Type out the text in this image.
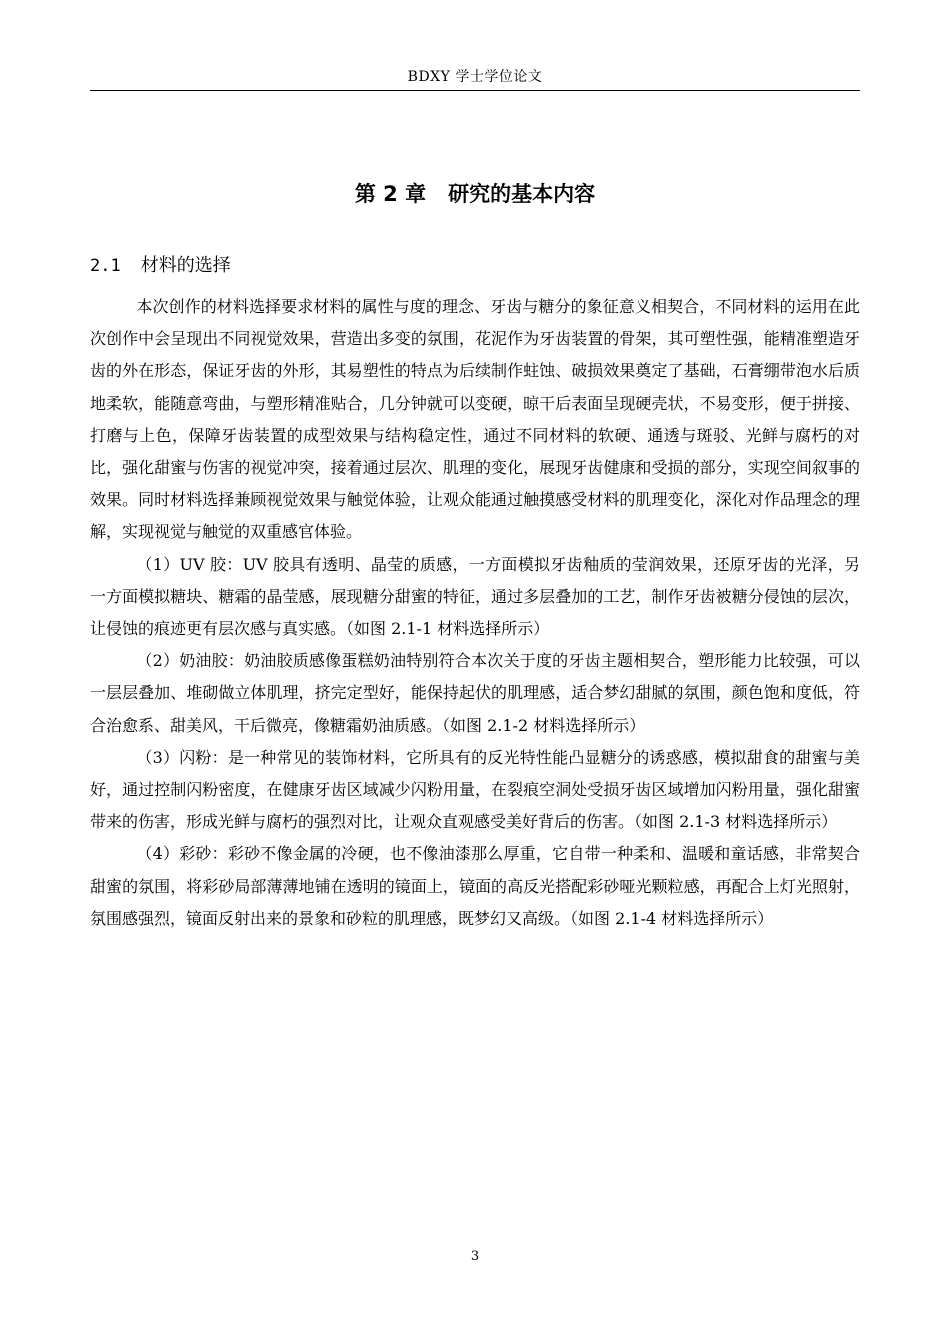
BDXY 学士学位论文
第 2 章 研究的基本内容
2.1 材料的选择

本次创作的材料选择要求材料的属性与度的理念、牙齿与糖分的象征意义相契合，不同材料的运用在此次创作中会呈现出不同视觉效果，营造出多变的氛围，花泥作为牙齿装置的骨架，其可塑性强，能精准塑造牙齿的外在形态，保证牙齿的外形，其易塑性的特点为后续制作蛀蚀、破损效果奠定了基础，石膏绷带泡水后质地柔软，能随意弯曲，与塑形精准贴合，几分钟就可以变硬，晾干后表面呈现硬壳状，不易变形，便于拼接、打磨与上色，保障牙齿装置的成型效果与结构稳定性，通过不同材料的软硬、通透与斑驳、光鲜与腐朽的对比，强化甜蜜与伤害的视觉冲突，接着通过层次、肌理的变化，展现牙齿健康和受损的部分，实现空间叙事的效果。同时材料选择兼顾视觉效果与触觉体验，让观众能通过触摸感受材料的肌理变化，深化对作品理念的理解，实现视觉与触觉的双重感官体验。

（1）UV 胶：UV 胶具有透明、晶莹的质感，一方面模拟牙齿釉质的莹润效果，还原牙齿的光泽，另一方面模拟糖块、糖霜的晶莹感，展现糖分甜蜜的特征，通过多层叠加的工艺，制作牙齿被糖分侵蚀的层次，让侵蚀的痕迹更有层次感与真实感。（如图 2.1-1 材料选择所示）

（2）奶油胶：奶油胶质感像蛋糕奶油特别符合本次关于度的牙齿主题相契合，塑形能力比较强，可以一层层叠加、堆砌做立体肌理，挤完定型好，能保持起伏的肌理感，适合梦幻甜腻的氛围，颜色饱和度低，符合治愈系、甜美风，干后微亮，像糖霜奶油质感。（如图 2.1-2 材料选择所示）

（3）闪粉：是一种常见的装饰材料，它所具有的反光特性能凸显糖分的诱惑感，模拟甜食的甜蜜与美好，通过控制闪粉密度，在健康牙齿区域减少闪粉用量，在裂痕空洞处受损牙齿区域增加闪粉用量，强化甜蜜带来的伤害，形成光鲜与腐朽的强烈对比，让观众直观感受美好背后的伤害。（如图 2.1-3 材料选择所示）

（4）彩砂：彩砂不像金属的冷硬，也不像油漆那么厚重，它自带一种柔和、温暖和童话感，非常契合甜蜜的氛围，将彩砂局部薄薄地铺在透明的镜面上，镜面的高反光搭配彩砂哑光颗粒感，再配合上灯光照射，氛围感强烈，镜面反射出来的景象和砂粒的肌理感，既梦幻又高级。（如图 2.1-4 材料选择所示）

3
